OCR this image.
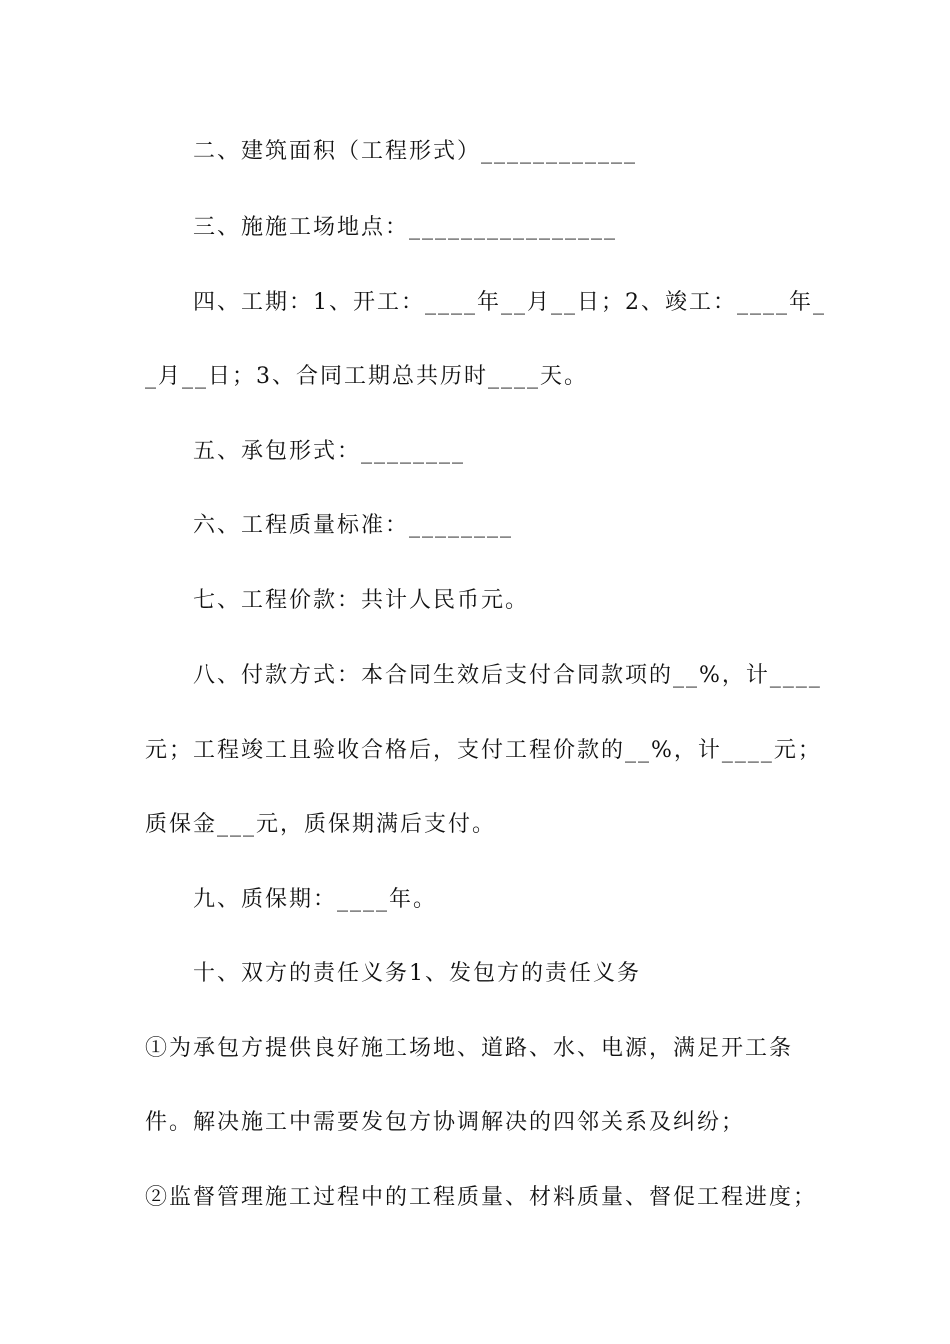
二、建筑面积（工程形式）____________
三、施施工场地点：________________
四、工期：1、开工：____年__月__日；2、竣工：____年_
_月__日；3、合同工期总共历时____天。
五、承包形式：________
六、工程质量标准：________
七、工程价款：共计人民币元。
八、付款方式：本合同生效后支付合同款项的__%，计____
元；工程竣工且验收合格后，支付工程价款的__%，计____元；
质保金___元，质保期满后支付。
九、质保期：____年。
十、双方的责任义务1、发包方的责任义务
①为承包方提供良好施工场地、道路、水、电源，满足开工条
件。解决施工中需要发包方协调解决的四邻关系及纠纷；
②监督管理施工过程中的工程质量、材料质量、督促工程进度；
